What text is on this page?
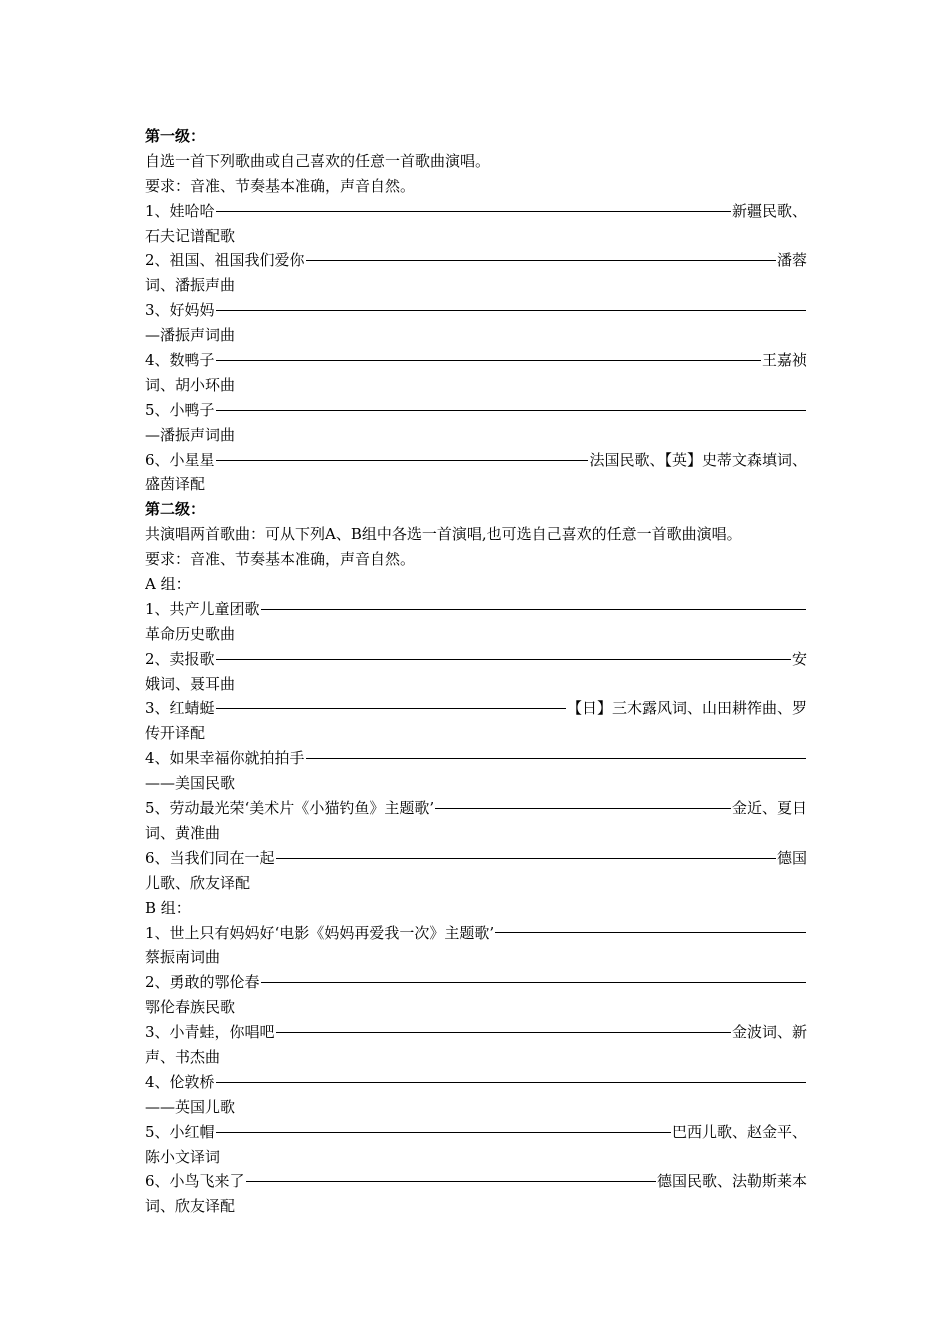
第一级：
自选一首下列歌曲或自己喜欢的任意一首歌曲演唱。
要求：音准、节奏基本准确，声音自然。
1、娃哈哈	新疆民歌、
石夫记谱配歌
2、祖国、祖国我们爱你	潘蓉
词、潘振声曲
3、好妈妈
—潘振声词曲
4、数鸭子	王嘉祯
词、胡小环曲
5、小鸭子
—潘振声词曲
6、小星星	法国民歌、【英】史蒂文森填词、
盛茵译配
第二级：
共演唱两首歌曲：可从下列A、B组中各选一首演唱,也可选自己喜欢的任意一首歌曲演唱。
要求：音准、节奏基本准确，声音自然。
A 组：
1、共产儿童团歌
革命历史歌曲
2、卖报歌	安
娥词、聂耳曲
3、红蜻蜓	【日】三木露风词、山田耕筰曲、罗
传开译配
4、如果幸福你就拍拍手
——美国民歌
5、劳动最光荣‘美术片《小猫钓鱼》主题歌’	金近、夏日
词、黄准曲
6、当我们同在一起	德国
儿歌、欣友译配
B 组：
1、世上只有妈妈好‘电影《妈妈再爱我一次》主题歌’
蔡振南词曲
2、勇敢的鄂伦春
鄂伦春族民歌
3、小青蛙，你唱吧	金波词、新
声、书杰曲
4、伦敦桥
——英国儿歌
5、小红帽	巴西儿歌、赵金平、
陈小文译词
6、小鸟飞来了	德国民歌、法勒斯莱本
词、欣友译配
